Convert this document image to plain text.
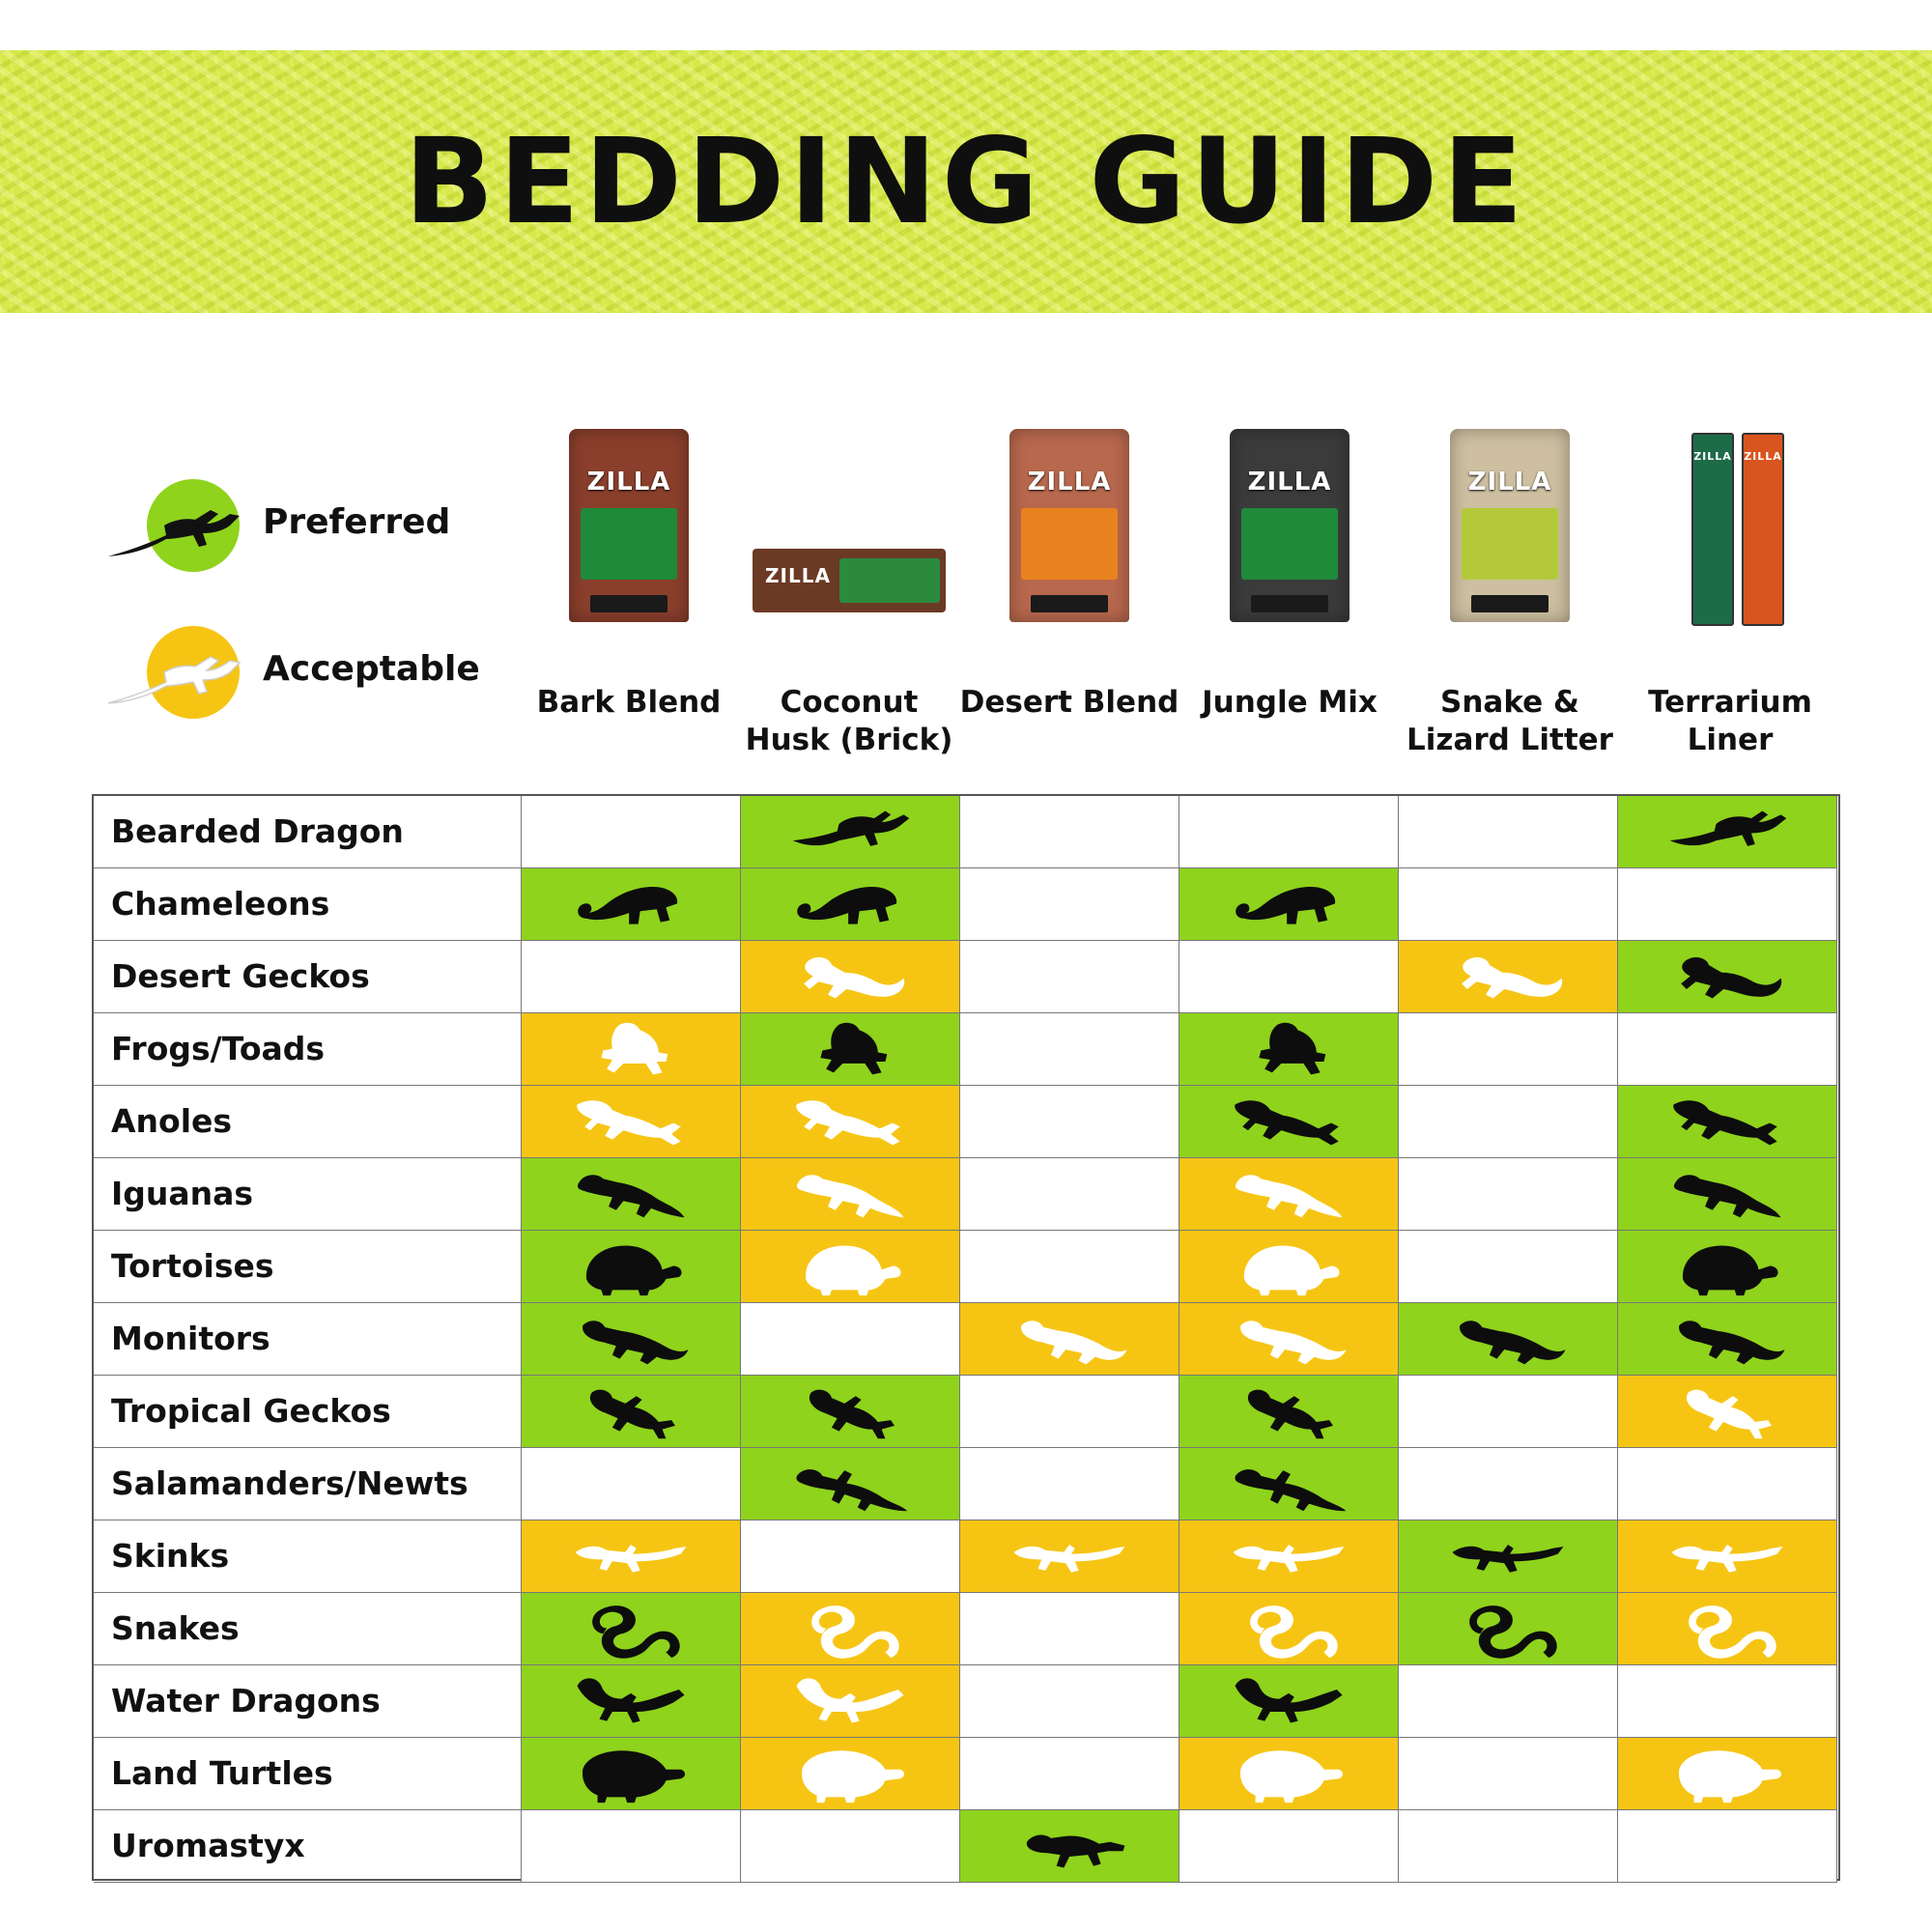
BEDDING GUIDE
Preferred
Acceptable
ZILLA
Bark Blend
ZILLA
Coconut
Husk (Brick)
ZILLA
Desert Blend
ZILLA
Jungle Mix
ZILLA
Snake &
Lizard Litter
ZILLA ZILLA
Terrarium
Liner
Bearded Dragon
Chameleons
Desert Geckos
Frogs/Toads
Anoles
Iguanas
Tortoises
Monitors
Tropical Geckos
Salamanders/Newts
Skinks
Snakes
Water Dragons
Land Turtles
Uromastyx
